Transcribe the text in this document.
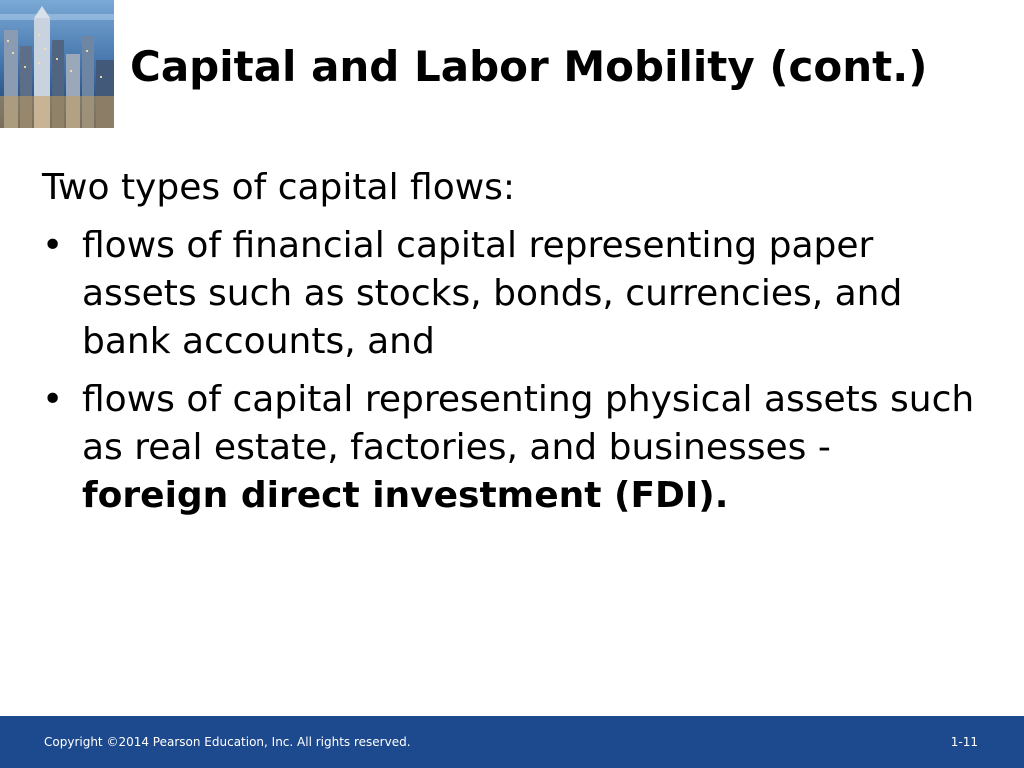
Capital and Labor Mobility (cont.)

Two types of capital flows:

• flows of financial capital representing paper assets such as stocks, bonds, currencies, and bank accounts, and
• flows of capital representing physical assets such as real estate, factories, and businesses - foreign direct investment (FDI).
Copyright ©2014 Pearson Education, Inc. All rights reserved.	1-11
